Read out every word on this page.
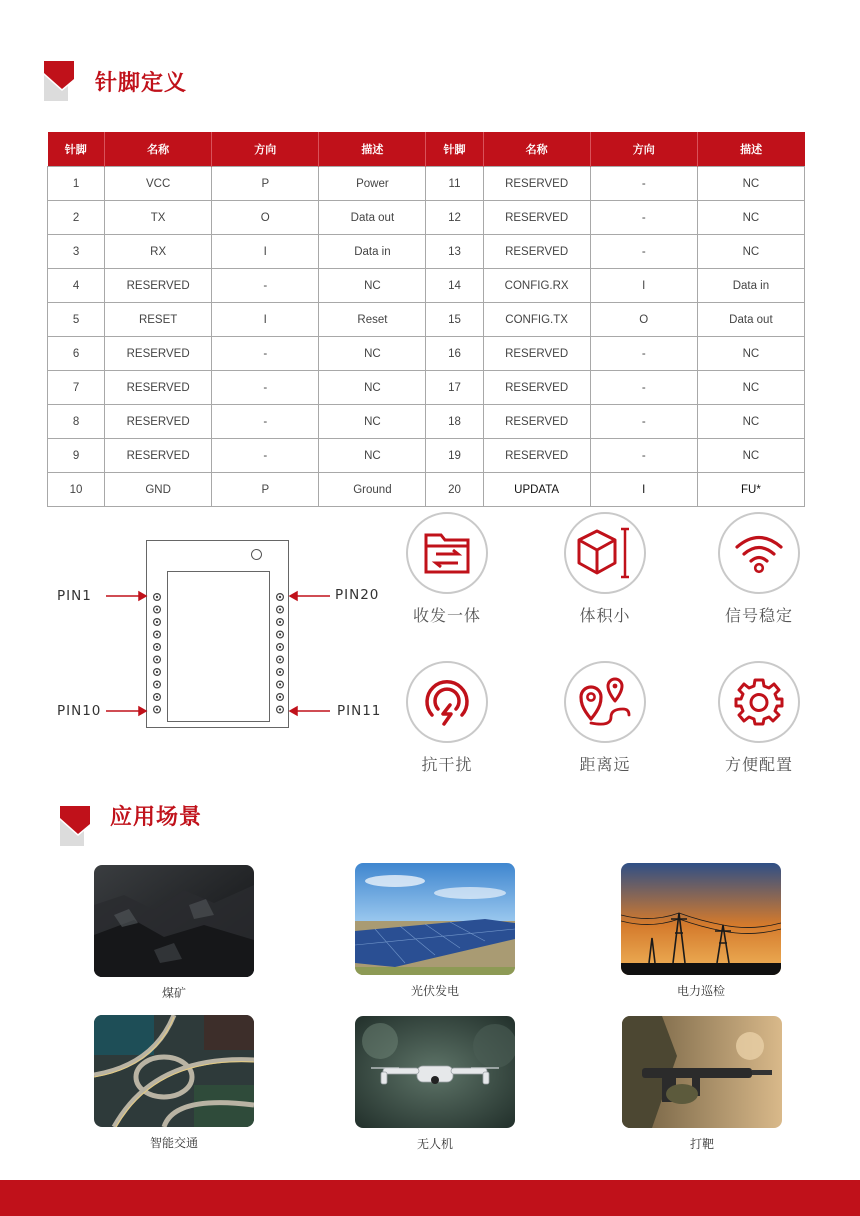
针脚定义
针脚	名称	方向	描述	针脚	名称	方向	描述
1	VCC	P	Power	11	RESERVED	-	NC
2	TX	O	Data out	12	RESERVED	-	NC
3	RX	I	Data in	13	RESERVED	-	NC
4	RESERVED	-	NC	14	CONFIG.RX	I	Data in
5	RESET	I	Reset	15	CONFIG.TX	O	Data out
6	RESERVED	-	NC	16	RESERVED	-	NC
7	RESERVED	-	NC	17	RESERVED	-	NC
8	RESERVED	-	NC	18	RESERVED	-	NC
9	RESERVED	-	NC	19	RESERVED	-	NC
10	GND	P	Ground	20	UPDATA	I	FU*
PIN1
PIN10
PIN20
PIN11
收发一体	体积小	信号稳定
抗干扰	距离远	方便配置
应用场景
煤矿	光伏发电	电力巡检
智能交通	无人机	打靶
